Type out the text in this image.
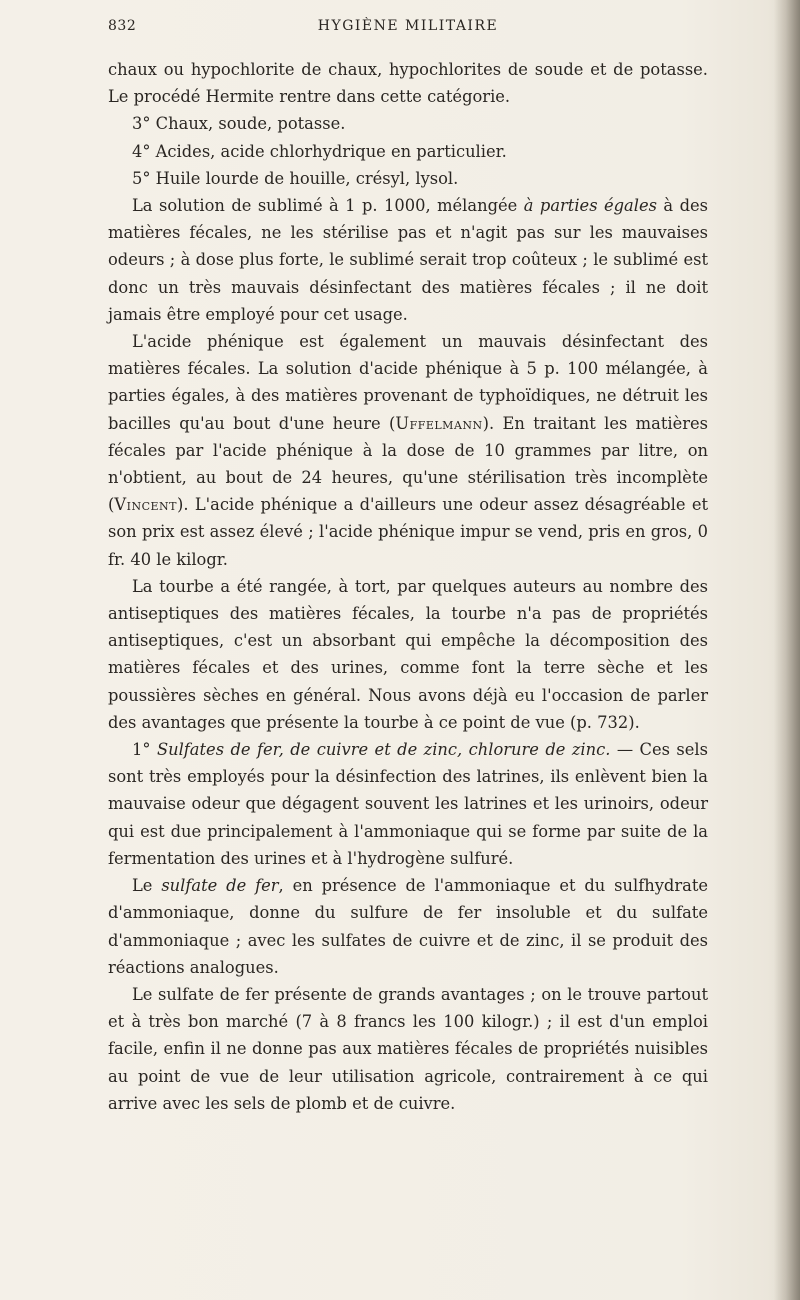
832	HYGIÈNE MILITAIRE

chaux ou hypochlorite de chaux, hypochlorites de soude et de potasse. Le procédé Hermite rentre dans cette catégorie.

3° Chaux, soude, potasse.

4° Acides, acide chlorhydrique en particulier.

5° Huile lourde de houille, crésyl, lysol.

La solution de sublimé à 1 p. 1000, mélangée à parties égales à des matières fécales, ne les stérilise pas et n'agit pas sur les mauvaises odeurs ; à dose plus forte, le sublimé serait trop coûteux ; le sublimé est donc un très mauvais désinfectant des matières fécales ; il ne doit jamais être employé pour cet usage.

L'acide phénique est également un mauvais désinfectant des matières fécales. La solution d'acide phénique à 5 p. 100 mélangée, à parties égales, à des matières provenant de typhoïdiques, ne détruit les bacilles qu'au bout d'une heure (Uffelmann). En traitant les matières fécales par l'acide phénique à la dose de 10 grammes par litre, on n'obtient, au bout de 24 heures, qu'une stérilisation très incomplète (Vincent). L'acide phénique a d'ailleurs une odeur assez désagréable et son prix est assez élevé ; l'acide phénique impur se vend, pris en gros, 0 fr. 40 le kilogr.

La tourbe a été rangée, à tort, par quelques auteurs au nombre des antiseptiques des matières fécales, la tourbe n'a pas de propriétés antiseptiques, c'est un absorbant qui empêche la décomposition des matières fécales et des urines, comme font la terre sèche et les poussières sèches en général. Nous avons déjà eu l'occasion de parler des avantages que présente la tourbe à ce point de vue (p. 732).

1° Sulfates de fer, de cuivre et de zinc, chlorure de zinc. — Ces sels sont très employés pour la désinfection des latrines, ils enlèvent bien la mauvaise odeur que dégagent souvent les latrines et les urinoirs, odeur qui est due principalement à l'ammoniaque qui se forme par suite de la fermentation des urines et à l'hydrogène sulfuré.

Le sulfate de fer, en présence de l'ammoniaque et du sulfhydrate d'ammoniaque, donne du sulfure de fer insoluble et du sulfate d'ammoniaque ; avec les sulfates de cuivre et de zinc, il se produit des réactions analogues.

Le sulfate de fer présente de grands avantages ; on le trouve partout et à très bon marché (7 à 8 francs les 100 kilogr.) ; il est d'un emploi facile, enfin il ne donne pas aux matières fécales de propriétés nuisibles au point de vue de leur utilisation agricole, contrairement à ce qui arrive avec les sels de plomb et de cuivre.
